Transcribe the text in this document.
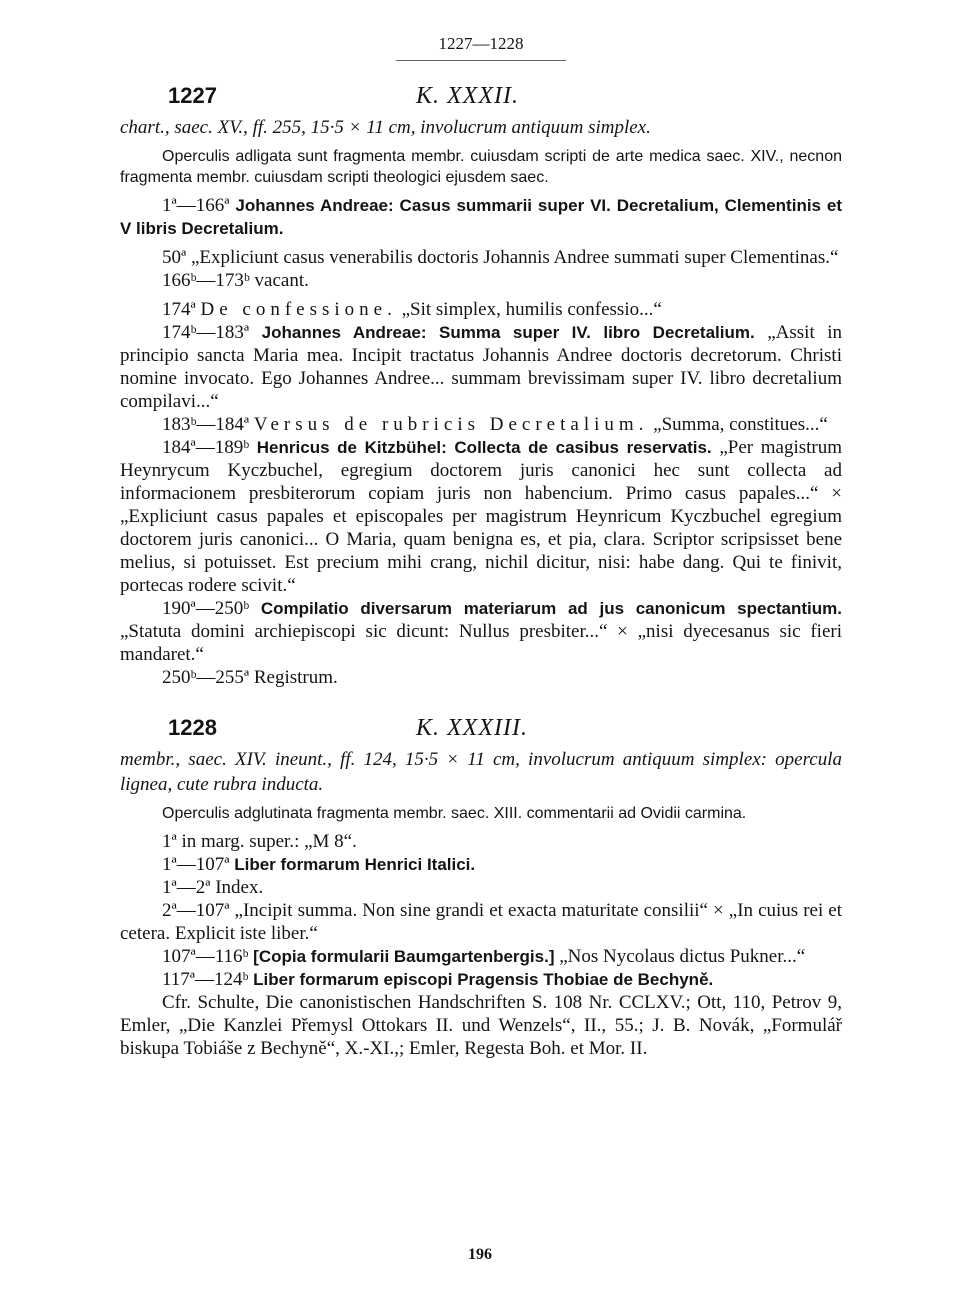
1227—1228
1227	K. XXXII.

chart., saec. XV., ff. 255, 15·5 × 11 cm, involucrum antiquum simplex.

Operculis adligata sunt fragmenta membr. cuiusdam scripti de arte medica saec. XIV., necnon fragmenta membr. cuiusdam scripti theologici ejusdem saec.

1ª—166ª Johannes Andreae: Casus summarii super VI. Decretalium, Clementinis et V libris Decretalium.

50ª „Expliciunt casus venerabilis doctoris Johannis Andree summati super Clementinas.“

166ᵇ—173ᵇ vacant.

174ª De confessione. „Sit simplex, humilis confessio...“

174ᵇ—183ª Johannes Andreae: Summa super IV. libro Decretalium. „Assit in principio sancta Maria mea. Incipit tractatus Johannis Andree doctoris decretorum. Christi nomine invocato. Ego Johannes Andree... summam brevissimam super IV. libro decretalium compilavi...“

183ᵇ—184ª Versus de rubricis Decretalium. „Summa, constitues...“

184ª—189ᵇ Henricus de Kitzbühel: Collecta de casibus reservatis. „Per magistrum Heynrycum Kyczbuchel, egregium doctorem juris canonici hec sunt collecta ad informacionem presbiterorum copiam juris non habencium. Primo casus papales...“ × „Expliciunt casus papales et episcopales per magistrum Heynricum Kyczbuchel egregium doctorem juris canonici... O Maria, quam benigna es, et pia, clara. Scriptor scripsisset bene melius, si potuisset. Est precium mihi crang, nichil dicitur, nisi: habe dang. Qui te finivit, portecas rodere scivit.“

190ª—250ᵇ Compilatio diversarum materiarum ad jus canonicum spectantium. „Statuta domini archiepiscopi sic dicunt: Nullus presbiter...“ × „nisi dyecesanus sic fieri mandaret.“

250ᵇ—255ª Registrum.

1228	K. XXXIII.

membr., saec. XIV. ineunt., ff. 124, 15·5 × 11 cm, involucrum antiquum simplex: opercula lignea, cute rubra inducta.

Operculis adglutinata fragmenta membr. saec. XIII. commentarii ad Ovidii carmina.

1ª in marg. super.: „M 8“.

1ª—107ª Liber formarum Henrici Italici.

1ª—2ª Index.

2ª—107ª „Incipit summa. Non sine grandi et exacta maturitate consilii“ × „In cuius rei et cetera. Explicit iste liber.“

107ª—116ᵇ [Copia formularii Baumgartenbergis.] „Nos Nycolaus dictus Pukner...“

117ª—124ᵇ Liber formarum episcopi Pragensis Thobiae de Bechyně.

Cfr. Schulte, Die canonistischen Handschriften S. 108 Nr. CCLXV.; Ott, 110, Petrov 9, Emler, „Die Kanzlei Přemysl Ottokars II. und Wenzels“, II., 55.; J. B. Novák, „Formulář biskupa Tobiáše z Bechyně“, X.-XI.,; Emler, Regesta Boh. et Mor. II.

196
